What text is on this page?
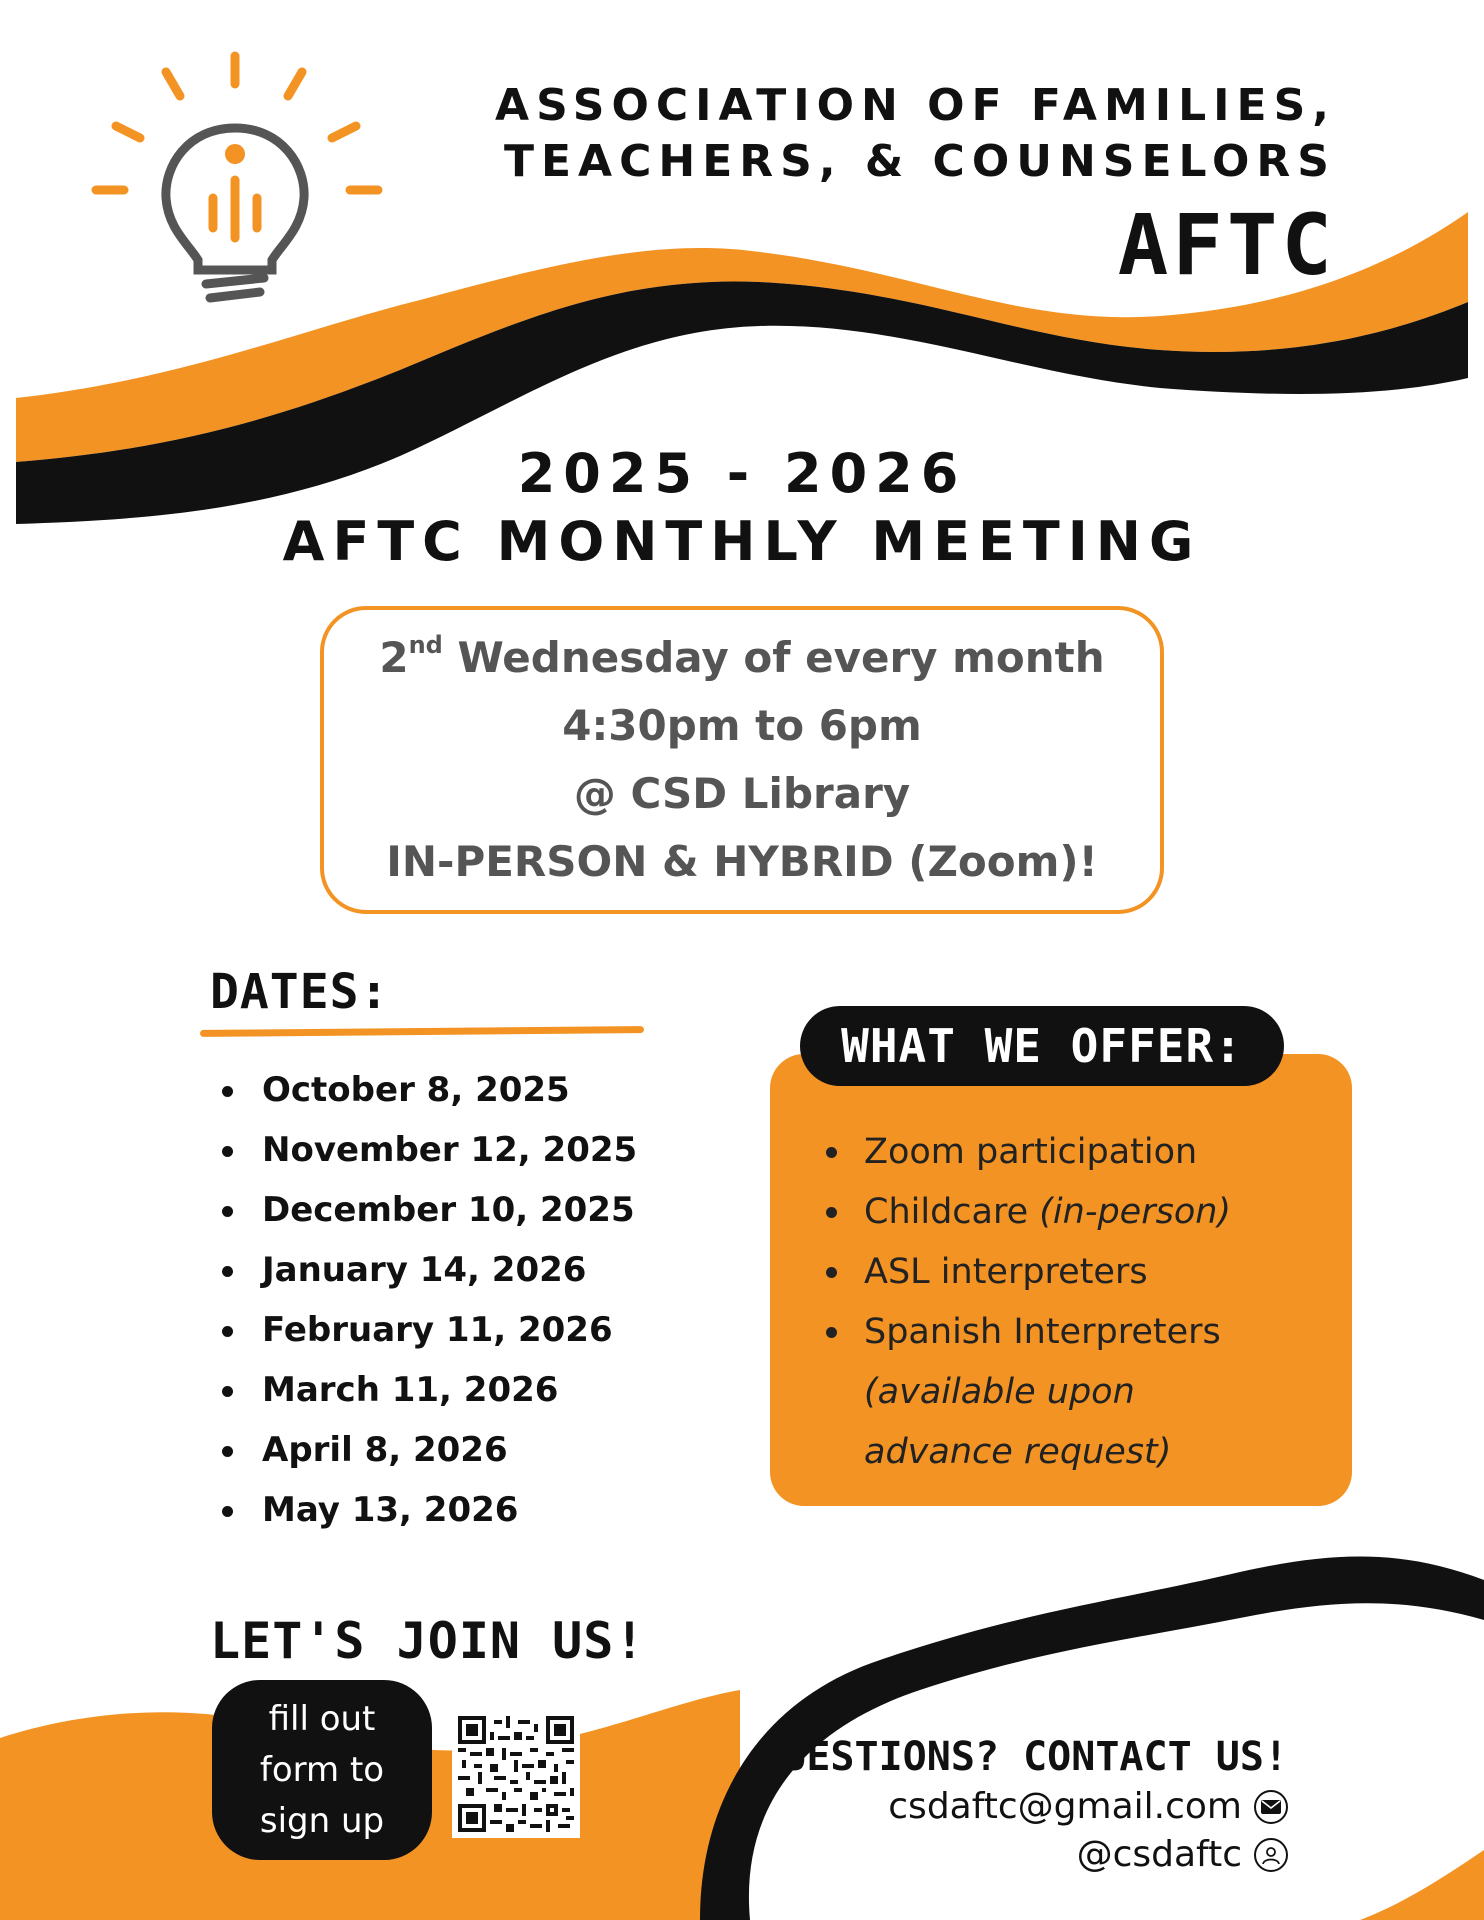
ASSOCIATION OF FAMILIES,
TEACHERS, & COUNSELORS
AFTC
2025 - 2026
AFTC MONTHLY MEETING
2nd Wednesday of every month
4:30pm to 6pm
@ CSD Library
IN-PERSON & HYBRID (Zoom)!
DATES:
October 8, 2025
November 12, 2025
December 10, 2025
January 14, 2026
February 11, 2026
March 11, 2026
April 8, 2026
May 13, 2026
WHAT WE OFFER:
Zoom participation
Childcare (in-person)
ASL interpreters
Spanish Interpreters
(available upon
advance request)
LET'S JOIN US!
fill out
form to
sign up
QUESTIONS? CONTACT US!
csdaftc@gmail.com
@csdaftc
